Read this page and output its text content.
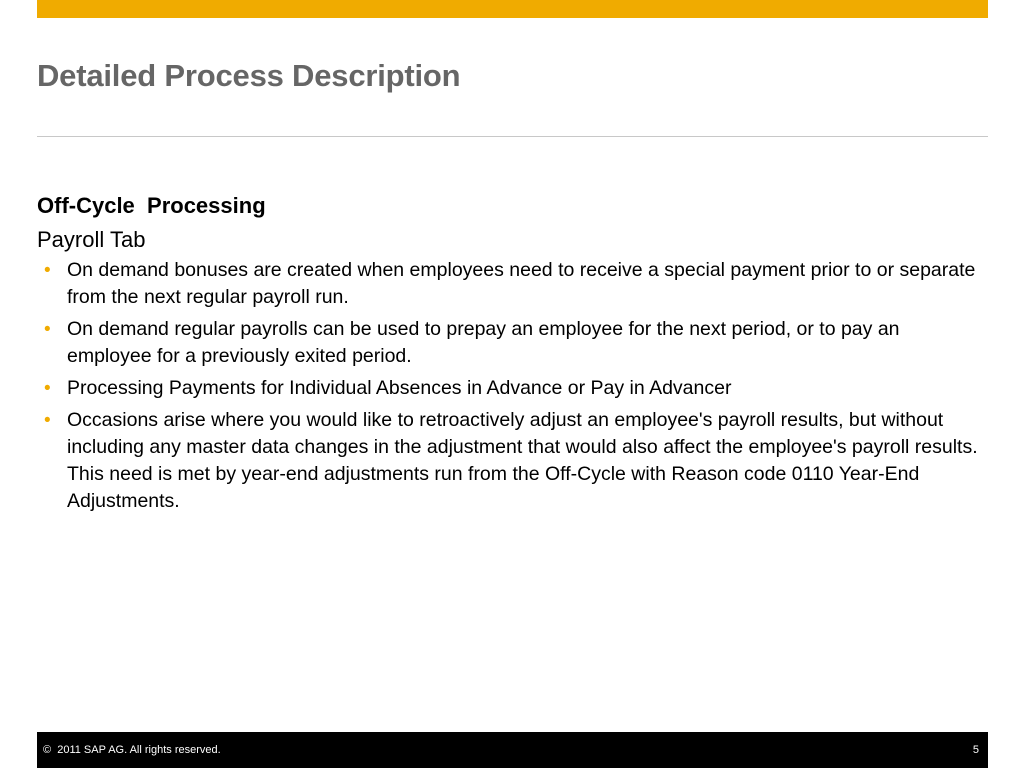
Detailed Process Description
Off-Cycle  Processing
Payroll Tab
• On demand bonuses are created when employees need to receive a special payment prior to or separate from the next regular payroll run.
• On demand regular payrolls can be used to prepay an employee for the next period, or to pay an employee for a previously exited period.
• Processing Payments for Individual Absences in Advance or Pay in Advancer
• Occasions arise where you would like to retroactively adjust an employee's payroll results, but without including any master data changes in the adjustment that would also affect the employee's payroll results. This need is met by year-end adjustments run from the Off-Cycle with Reason code 0110 Year-End Adjustments.
©  2011 SAP AG. All rights reserved.	5
